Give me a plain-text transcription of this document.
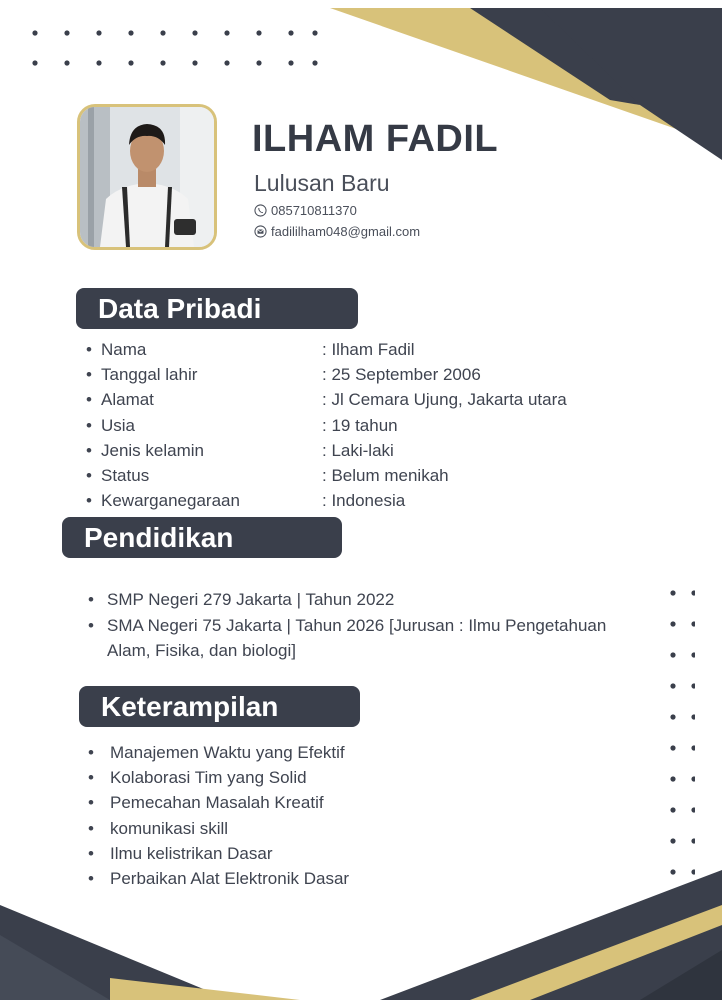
ILHAM FADIL
Lulusan Baru
085710811370
fadililham048@gmail.com
Data Pribadi
• Nama	: Ilham Fadil
• Tanggal lahir	: 25 September 2006
• Alamat	: Jl Cemara Ujung, Jakarta utara
• Usia	: 19 tahun
• Jenis kelamin	: Laki-laki
• Status	: Belum menikah
• Kewarganegaraan	: Indonesia
Pendidikan
• SMP Negeri 279 Jakarta | Tahun 2022
• SMA Negeri 75 Jakarta | Tahun 2026 [Jurusan : Ilmu Pengetahuan Alam, Fisika, dan biologi]
Keterampilan
• Manajemen Waktu yang Efektif
• Kolaborasi Tim yang Solid
• Pemecahan Masalah Kreatif
• komunikasi skill
• Ilmu kelistrikan Dasar
• Perbaikan Alat Elektronik Dasar
